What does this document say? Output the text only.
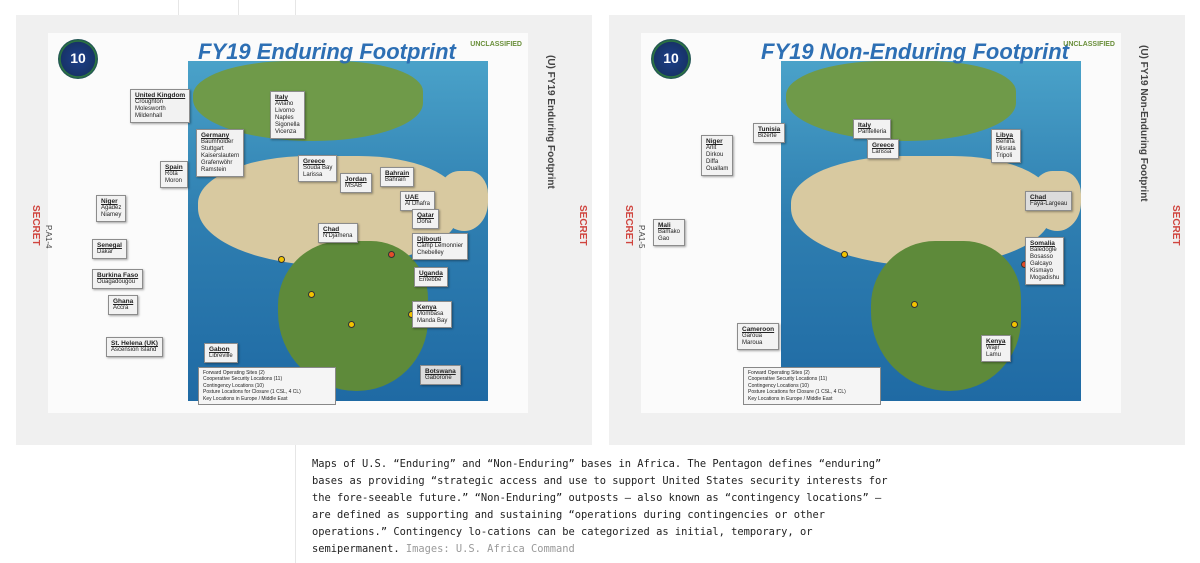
10	FY19 Enduring Footprint UNCLASSIFIED
United Kingdom
Croughton
Molesworth
Mildenhall
Germany
Baumholder
Stuttgart
Kaiserslautern
Grafenwöhr
Ramstein
Italy
Aviano
Livorno
Naples
Sigonella
Vicenza
Spain
Rota
Moron
Greece
Souda Bay
Larissa
Jordan
MSAB
Bahrain
Bahrain
UAE
Al Dhafra
Qatar
Doha
Niger
Agadez
Niamey
Chad
N'Djamena	Djibouti
Camp Lemonnier
Chebelley
Senegal
Dakar
Burkina Faso
Ouagadougou
Uganda
Entebbe
Ghana
Accra	Kenya
Mombasa
Manda Bay
St. Helena (UK)
Ascension Island	Gabon
Libreville
Botswana
Gaborone
Forward Operating Sites (2)
Cooperative Security Locations (11)
Contingency Locations (10)
Posture Locations for Closure (1 CSL, 4 CL)
Key Locations in Europe / Middle East
(U) FY19 Enduring Footprint
SECRET P.A1-4	SECRET
10	FY19 Non-Enduring Footprint
UNCLASSIFIED
Tunisia
Bizerte
Italy
Pantelleria
Greece
Larissa
Libya
Benina
Misrata
Tripoli
Niger
Arlit
Dirkou
Diffa
Ouallam
Chad
Faya-Largeau
Mali
Bamako
Gao
Somalia
Baledogle
Bosasso
Galcayo
Kismayo
Mogadishu
Cameroon
Garoua
Maroua	Kenya
Wajir
Lamu
Forward Operating Sites (2)
Cooperative Security Locations (11)
Contingency Locations (10)
Posture Locations for Closure (1 CSL, 4 CL)
Key Locations in Europe / Middle East
(U) FY19 Non-Enduring Footprint
SECRET P.A1-5	SECRET
Maps of U.S. “Enduring” and “Non-Enduring” bases in Africa. The Pentagon defines “enduring” bases as providing “strategic access and use to support United States security interests for the fore-seeable future.” “Non-Enduring” outposts — also known as “contingency locations” — are defined as supporting and sustaining “operations during contingencies or other operations.” Contingency lo-cations can be categorized as initial, temporary, or semipermanent. Images: U.S. Africa Command
